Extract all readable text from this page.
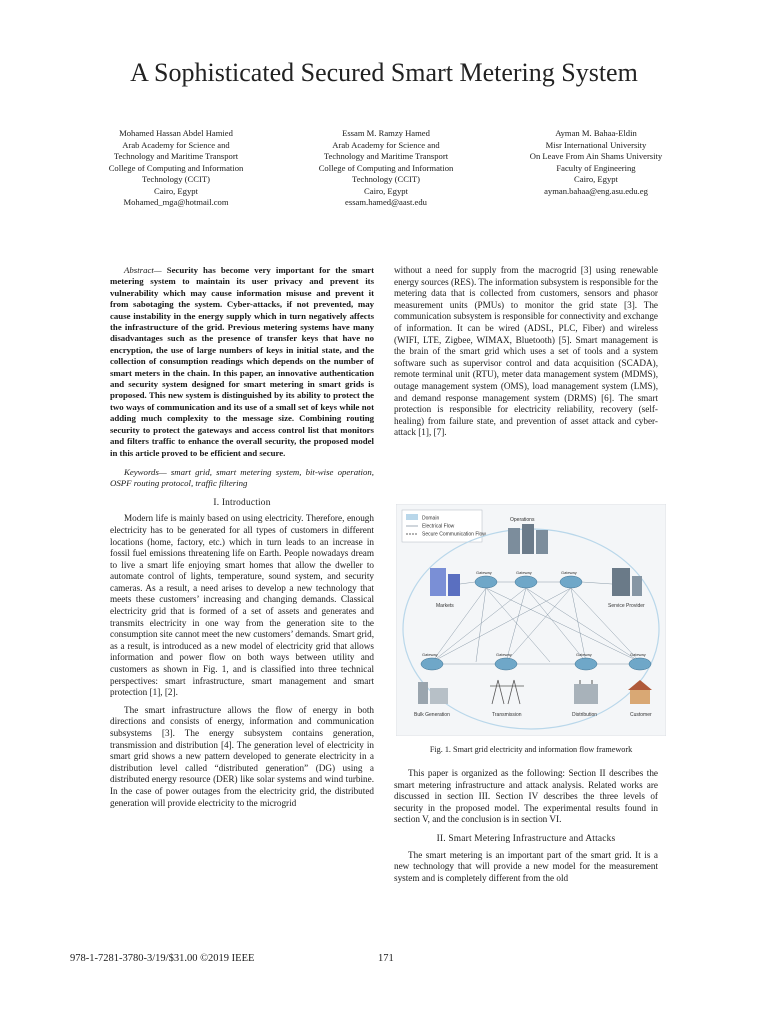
A Sophisticated Secured Smart Metering System
Mohamed Hassan Abdel Hamied
Arab Academy for Science and
Technology and Maritime Transport
College of Computing and Information
Technology (CCIT)
Cairo, Egypt
Mohamed_mga@hotmail.com
Essam M. Ramzy Hamed
Arab Academy for Science and
Technology and Maritime Transport
College of Computing and Information
Technology (CCIT)
Cairo, Egypt
essam.hamed@aast.edu
Ayman M. Bahaa-Eldin
Misr International University
On Leave From Ain Shams University
Faculty of Engineering
Cairo, Egypt
ayman.bahaa@eng.asu.edu.eg

Abstract— Security has become very important for the smart metering system to maintain its user privacy and prevent its vulnerability which may cause information misuse and prevent it from sabotaging the system. Cyber-attacks, if not prevented, may cause instability in the energy supply which in turn negatively affects the infrastructure of the grid. Previous metering systems have many disadvantages such as the presence of transfer keys that have no encryption, the use of large numbers of keys in initial state, and the collection of consumption readings which depends on the number of smart meters in the chain. In this paper, an innovative authentication and security system designed for smart metering in smart grids is proposed. This new system is distinguished by its ability to protect the two ways of communication and its use of a small set of keys while not adding much complexity to the message size. Combining routing security to protect the gateways and access control list that monitors and filters traffic to enhance the overall security, the proposed model in this article proved to be efficient and secure.

Keywords— smart grid, smart metering system, bit-wise operation, OSPF routing protocol, traffic filtering

I. Introduction

Modern life is mainly based on using electricity. Therefore, enough electricity has to be generated for all types of customers in different locations (home, factory, etc.) which in turn leads to an increase in fossil fuel emissions threatening life on Earth. People nowadays dream to live a smart life enjoying smart homes that allow the dweller to automate control of lights, temperature, sound system, and security cameras. As a result, a need arises to develop a new technology that meets these customers’ increasing and changing demands. Classical electricity grid that is formed of a set of assets and generates and transmits electricity in one way from the generation site to the consumption site cannot meet the new customers’ demands. Smart grid, as a result, is introduced as a new model of electricity grid that allows information and power flow on both ways between utility and customers as shown in Fig. 1, and is classified into three technical perspectives: smart infrastructure, smart management and smart protection [1], [2].

The smart infrastructure allows the flow of energy in both directions and consists of energy, information and communication subsystems [3]. The energy subsystem contains generation, transmission and distribution [4]. The generation level of electricity in smart grid shows a new pattern developed to generate electricity in a distribution level called “distributed generation” (DG) using a distributed energy resource (DER) like solar systems and wind turbine. In the case of power outages from the electricity grid, the distributed generation will provide electricity to the microgrid

without a need for supply from the macrogrid [3] using renewable energy sources (RES). The information subsystem is responsible for the metering data that is collected from customers, sensors and phasor measurement units (PMUs) to monitor the grid state [3]. The communication subsystem is responsible for connectivity and exchange of information. It can be wired (ADSL, PLC, Fiber) and wireless (WIFI, LTE, Zigbee, WIMAX, Bluetooth) [5]. Smart management is the brain of the smart grid which uses a set of tools and a system software such as supervisor control and data acquisition (SCADA), remote terminal unit (RTU), meter data management system (MDMS), outage management system (OMS), load management system (LMS), and demand response management system (DRMS) [6]. The smart protection is responsible for electricity reliability, recovery (self-healing) from failure state, and prevention of asset attack and cyber-attack [1], [7].

Domain
Electrical Flow
Secure Communication Flow
Operations
Markets	Service Provider
Gateway	Gateway	Gateway
Gateway	Gateway	Gateway	Gateway
Bulk Generation	Transmission	Distribution	Customer
Fig. 1. Smart grid electricity and information flow framework

This paper is organized as the following: Section II describes the smart metering infrastructure and attack analysis. Related works are discussed in section III. Section IV describes the three levels of security in the proposed model. The experimental results found in section V, and the conclusion is in section VI.

II. Smart Metering Infrastructure and Attacks

The smart metering is an important part of the smart grid. It is a new technology that will provide a new model for the measurement system and is completely different from the old

978-1-7281-3780-3/19/$31.00 ©2019 IEEE	171
